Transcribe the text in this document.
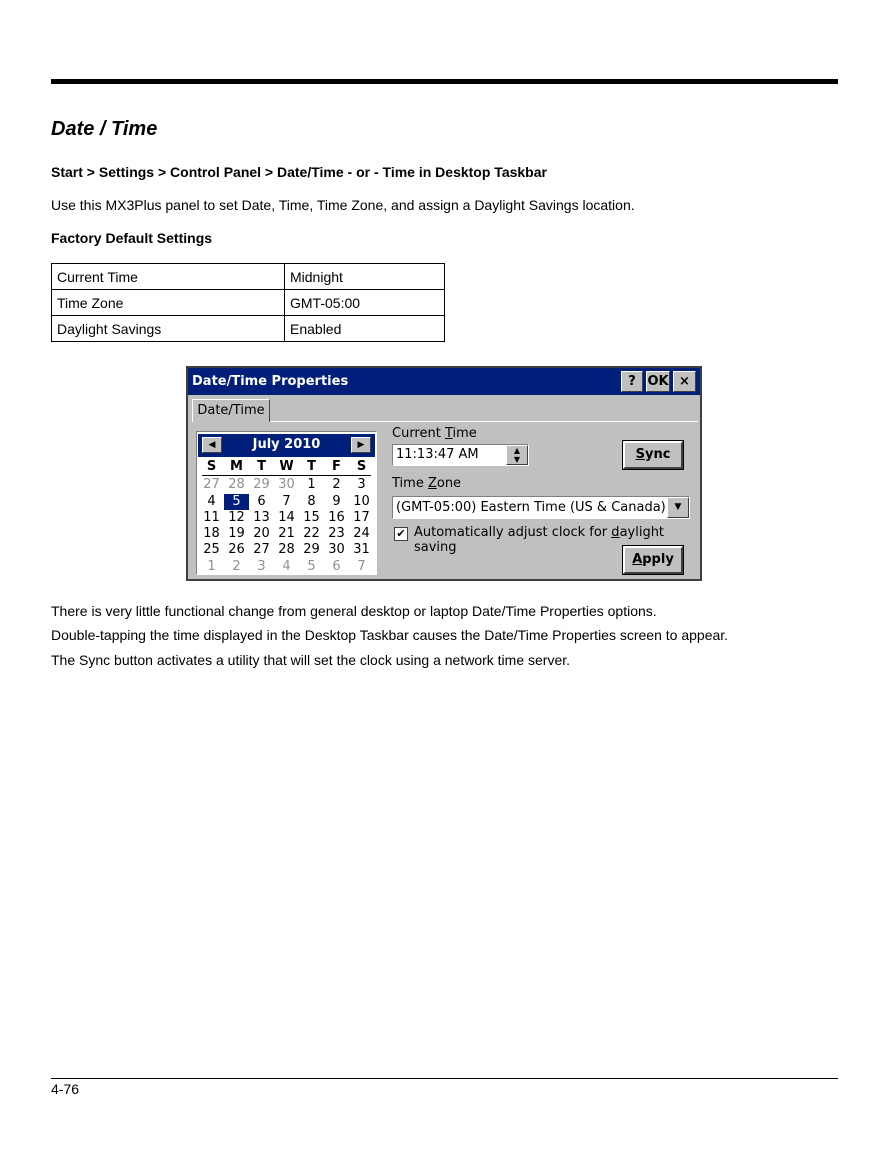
Date / Time
Start > Settings > Control Panel > Date/Time - or - Time in Desktop Taskbar
Use this MX3Plus panel to set Date, Time, Time Zone, and assign a Daylight Savings location.
Factory Default Settings
Current Time	Midnight
Time Zone	GMT-05:00
Daylight Savings	Enabled
Date/Time Properties	? OK ×
Date/Time
◀	July 2010	▶
S	M	T	W	T	F	S
27 28 29 30 1	2	3
4	5	6	7	8	9 10
11 12 13 14 15 16 17
18 19 20 21 22 23 24
25 26 27 28 29 30 31
1	2	3	4	5	6	7
Current Time
11:13:47 AM	▲
▼	Sync
Time Zone
(GMT-05:00) Eastern Time (US & Canada) ▼
✔ Automatically adjust clock for daylight saving
Apply
There is very little functional change from general desktop or laptop Date/Time Properties options.
Double-tapping the time displayed in the Desktop Taskbar causes the Date/Time Properties screen to appear.
The Sync button activates a utility that will set the clock using a network time server.
4-76
